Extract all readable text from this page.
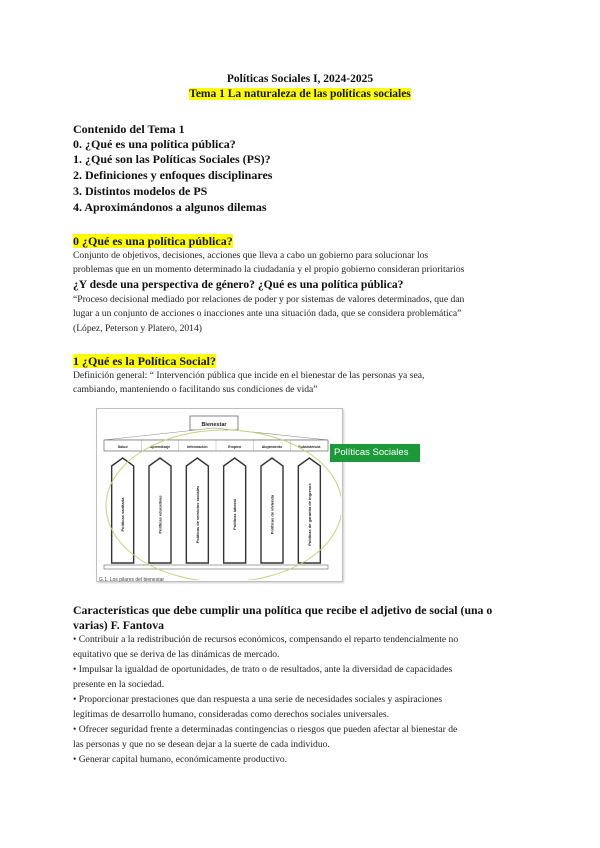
Políticas Sociales I, 2024-2025
Tema 1 La naturaleza de las políticas sociales
Contenido del Tema 1
0. ¿Qué es una política pública?
1. ¿Qué son las Políticas Sociales (PS)?
2. Definiciones y enfoques disciplinares
3. Distintos modelos de PS
4. Aproximándonos a algunos dilemas
0 ¿Qué es una política pública?
Conjunto de objetivos, decisiones, acciones que lleva a cabo un gobierno para solucionar los
problemas que en un momento determinado la ciudadanía y el propio gobierno consideran prioritarios
¿Y desde una perspectiva de género? ¿Qué es una política pública?
“Proceso decisional mediado por relaciones de poder y por sistemas de valores determinados, que dan
lugar a un conjunto de acciones o inacciones ante una situación dada, que se considera problemática”
(López, Peterson y Platero, 2014)
1 ¿Qué es la Política Social?
Definición general: “ Intervención pública que incide en el bienestar de las personas ya sea,
cambiando, manteniendo o facilitando sus condiciones de vida”
Bienestar
Salud	Aprendizaje	Información	Empleo	Alojamiento	Subsistencia
Políticas sanitaria	Políticas educativas	Políticas de servicios sociales	Políticas laboral	Políticas de vivienda	Políticas de garantía de ingresos
Políticas Sociales
G.1. Los pilares del bienestar
Características que debe cumplir una política que recibe el adjetivo de social (una o
varias) F. Fantova
• Contribuir a la redistribución de recursos económicos, compensando el reparto tendencialmente no
equitativo que se deriva de las dinámicas de mercado.
• Impulsar la igualdad de oportunidades, de trato o de resultados, ante la diversidad de capacidades
presente en la sociedad.
• Proporcionar prestaciones que dan respuesta a una serie de necesidades sociales y aspiraciones
legítimas de desarrollo humano, consideradas como derechos sociales universales.
• Ofrecer seguridad frente a determinadas contingencias o riesgos que pueden afectar al bienestar de
las personas y que no se desean dejar a la suerte de cada individuo.
• Generar capital humano, económicamente productivo.
